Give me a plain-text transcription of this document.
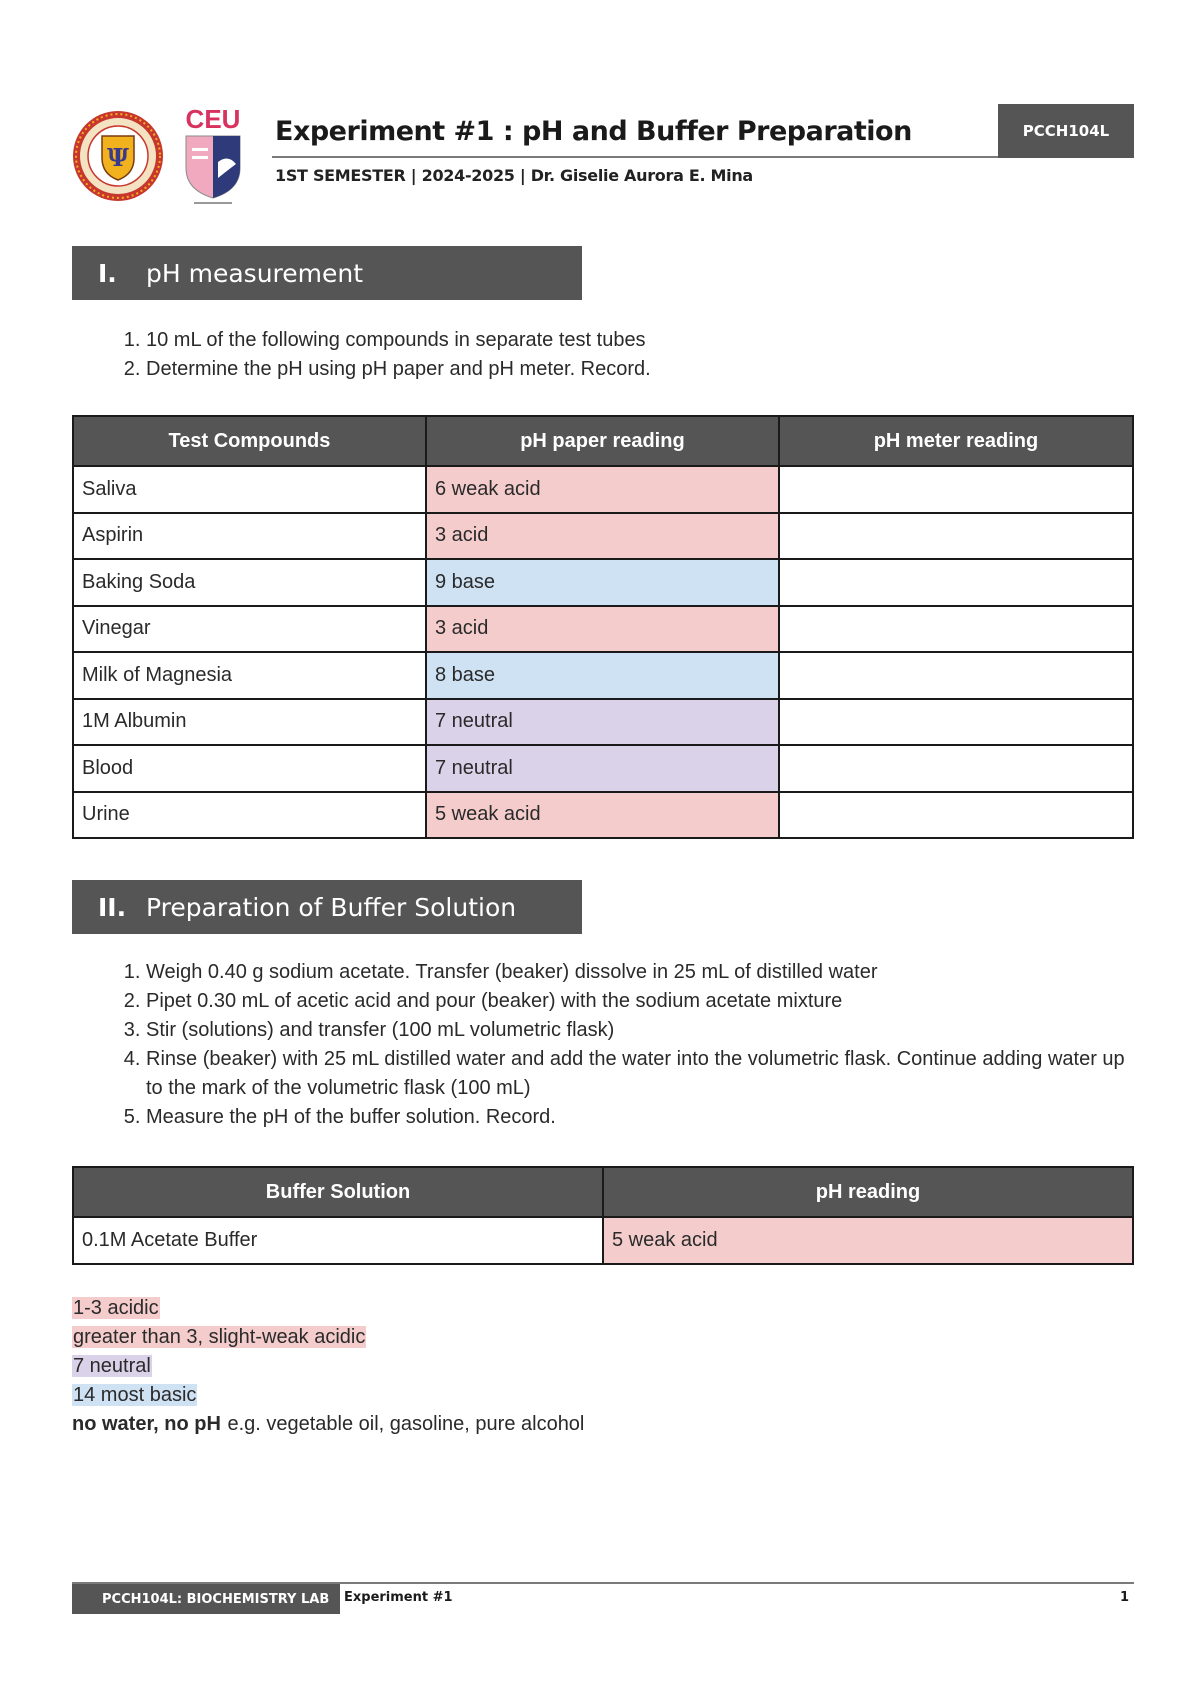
Ψ
CEU Experiment #1 : pH and Buffer Preparation
1ST SEMESTER | 2024-2025 | Dr. Giselie Aurora E. Mina
PCCH104L
I.	pH measurement
1. 10 mL of the following compounds in separate test tubes
2. Determine the pH using pH paper and pH meter. Record.
Test Compounds	pH paper reading	pH meter reading
Saliva	6 weak acid	
Aspirin	3 acid	
Baking Soda	9 base	
Vinegar	3 acid	
Milk of Magnesia	8 base	
1M Albumin	7 neutral	
Blood	7 neutral	
Urine	5 weak acid	
II. Preparation of Buffer Solution
1. Weigh 0.40 g sodium acetate. Transfer (beaker) dissolve in 25 mL of distilled water
2. Pipet 0.30 mL of acetic acid and pour (beaker) with the sodium acetate mixture
3. Stir (solutions) and transfer (100 mL volumetric flask)
4. Rinse (beaker) with 25 mL distilled water and add the water into the volumetric flask. Continue adding water up to the mark of the volumetric flask (100 mL)
5. Measure the pH of the buffer solution. Record.
Buffer Solution	pH reading
0.1M Acetate Buffer	5 weak acid
1-3 acidic
greater than 3, slight-weak acidic
7 neutral
14 most basic
no water, no pH e.g. vegetable oil, gasoline, pure alcohol
PCCH104L: BIOCHEMISTRY LAB	Experiment #1	1
